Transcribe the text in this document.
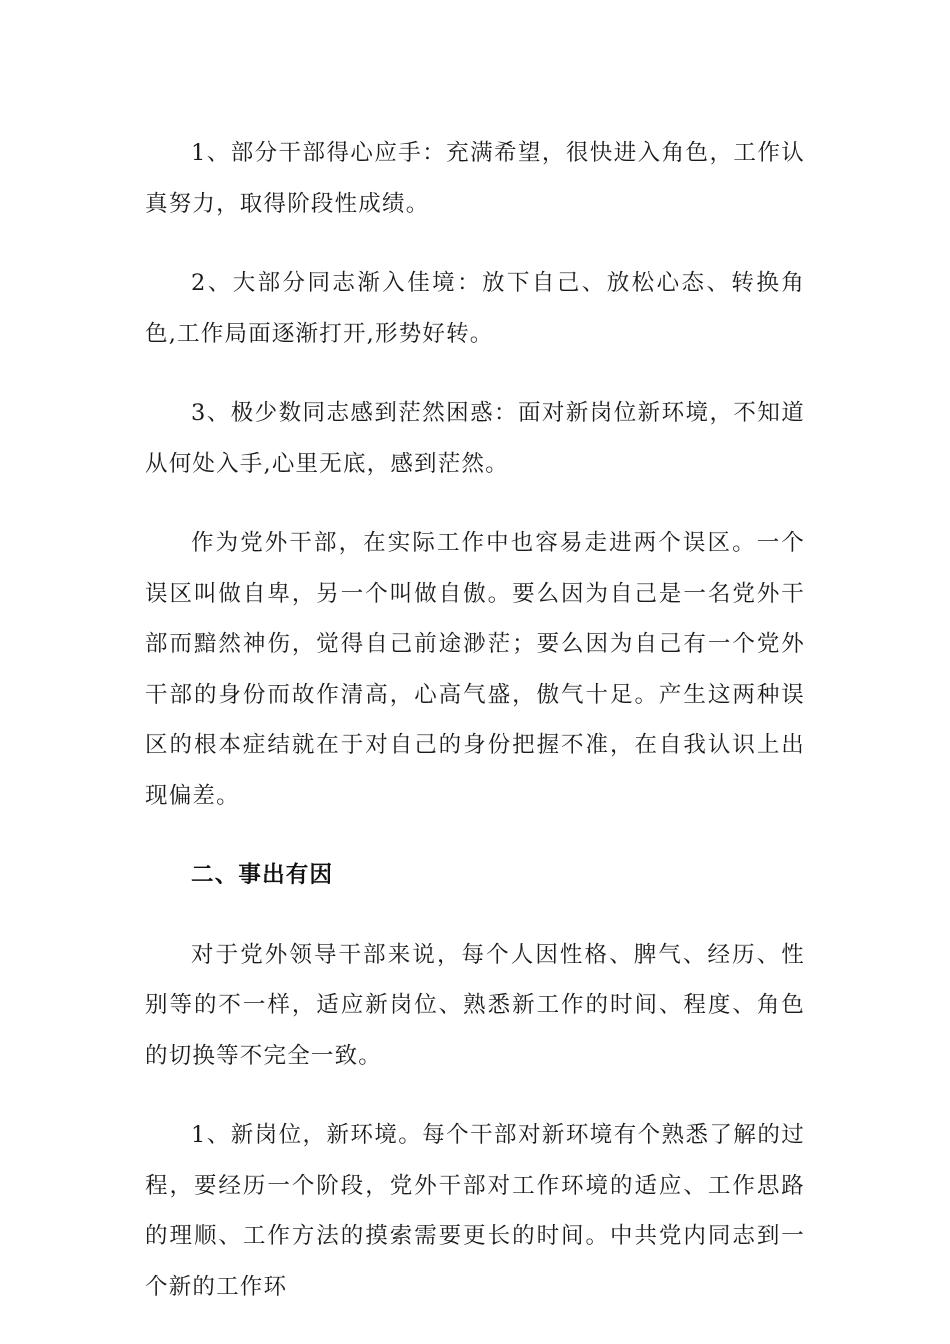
1、部分干部得心应手：充满希望，很快进入角色，工作认真努力，取得阶段性成绩。

2、大部分同志渐入佳境：放下自己、放松心态、转换角色,工作局面逐渐打开,形势好转。

3、极少数同志感到茫然困惑：面对新岗位新环境，不知道从何处入手,心里无底，感到茫然。

作为党外干部，在实际工作中也容易走进两个误区。一个误区叫做自卑，另一个叫做自傲。要么因为自己是一名党外干部而黯然神伤，觉得自己前途渺茫；要么因为自己有一个党外干部的身份而故作清高，心高气盛，傲气十足。产生这两种误区的根本症结就在于对自己的身份把握不准，在自我认识上出现偏差。

二、事出有因

对于党外领导干部来说，每个人因性格、脾气、经历、性别等的不一样，适应新岗位、熟悉新工作的时间、程度、角色的切换等不完全一致。

1、新岗位，新环境。每个干部对新环境有个熟悉了解的过程，要经历一个阶段，党外干部对工作环境的适应、工作思路的理顺、工作方法的摸索需要更长的时间。中共党内同志到一个新的工作环
